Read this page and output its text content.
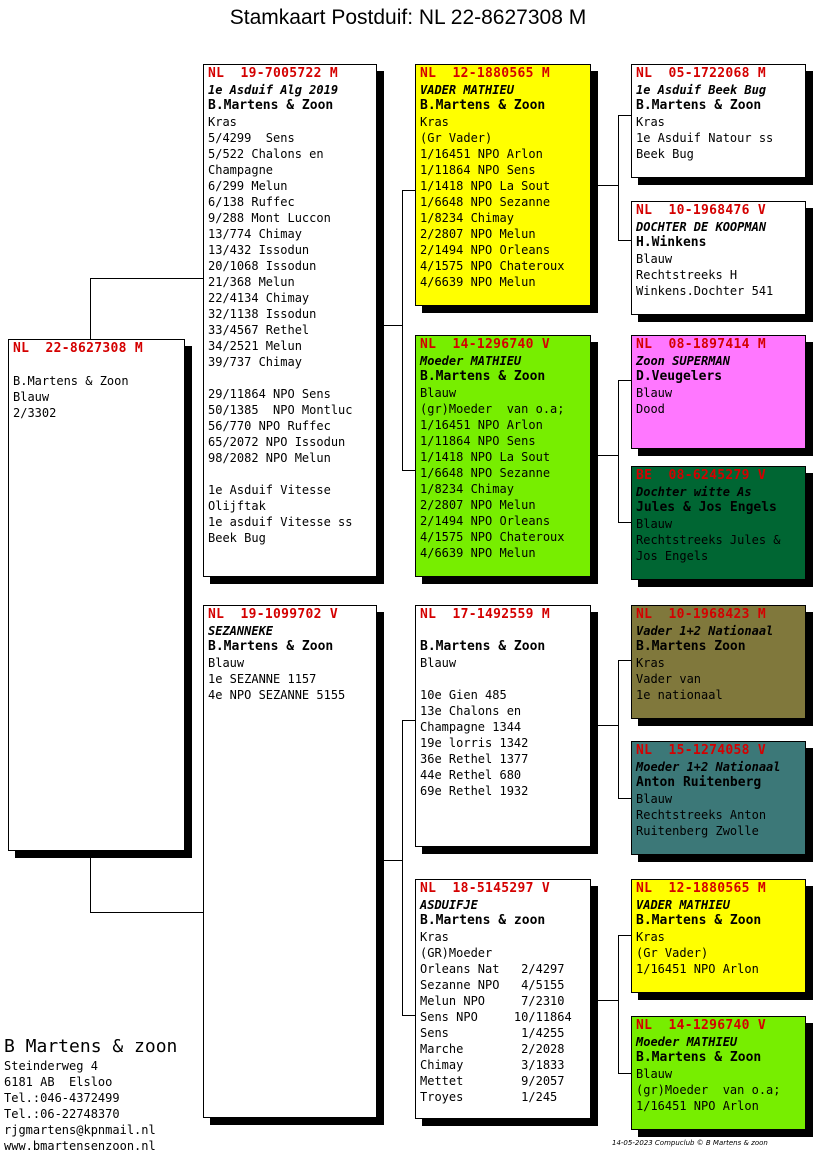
Stamkaart Postduif: NL 22-8627308 M
NL  22-8627308 M
B.Martens & Zoon
Blauw
2/3302
NL  19-7005722 M
1e Asduif Alg 2019
B.Martens & Zoon
Kras
5/4299  Sens
5/522 Chalons en
Champagne
6/299 Melun
6/138 Ruffec
9/288 Mont Luccon
13/774 Chimay
13/432 Issodun
20/1068 Issodun
21/368 Melun
22/4134 Chimay
32/1138 Issodun
33/4567 Rethel
34/2521 Melun
39/737 Chimay
29/11864 NPO Sens
50/1385  NPO Montluc
56/770 NPO Ruffec
65/2072 NPO Issodun
98/2082 NPO Melun
1e Asduif Vitesse
Olijftak
1e asduif Vitesse ss
Beek Bug
NL  19-1099702 V
SEZANNEKE
B.Martens & Zoon
Blauw
1e SEZANNE 1157
4e NPO SEZANNE 5155
NL  12-1880565 M
VADER MATHIEU
B.Martens & Zoon
Kras
(Gr Vader)
1/16451 NPO Arlon
1/11864 NPO Sens
1/1418 NPO La Sout
1/6648 NPO Sezanne
1/8234 Chimay
2/2807 NPO Melun
2/1494 NPO Orleans
4/1575 NPO Chateroux
4/6639 NPO Melun
NL  14-1296740 V
Moeder MATHIEU
B.Martens & Zoon
Blauw
(gr)Moeder  van o.a;
1/16451 NPO Arlon
1/11864 NPO Sens
1/1418 NPO La Sout
1/6648 NPO Sezanne
1/8234 Chimay
2/2807 NPO Melun
2/1494 NPO Orleans
4/1575 NPO Chateroux
4/6639 NPO Melun
NL  17-1492559 M
B.Martens & Zoon
Blauw
10e Gien 485
13e Chalons en
Champagne 1344
19e lorris 1342
36e Rethel 1377
44e Rethel 680
69e Rethel 1932
NL  18-5145297 V
ASDUIFJE
B.Martens & zoon
Kras
(GR)Moeder
Orleans Nat   2/4297
Sezanne NPO   4/5155
Melun NPO     7/2310
Sens NPO     10/11864
Sens          1/4255
Marche        2/2028
Chimay        3/1833
Mettet        9/2057
Troyes        1/245
NL  05-1722068 M
1e Asduif Beek Bug
B.Martens & Zoon
Kras
1e Asduif Natour ss
Beek Bug
NL  10-1968476 V
DOCHTER DE KOOPMAN
H.Winkens
Blauw
Rechtstreeks H
Winkens.Dochter 541
NL  08-1897414 M
Zoon SUPERMAN
D.Veugelers
Blauw
Dood
BE  08-6245279 V
Dochter witte As
Jules & Jos Engels
Blauw
Rechtstreeks Jules &
Jos Engels
NL  10-1968423 M
Vader 1+2 Nationaal
B.Martens Zoon
Kras
Vader van
1e nationaal
NL  15-1274058 V
Moeder 1+2 Nationaal
Anton Ruitenberg
Blauw
Rechtstreeks Anton
Ruitenberg Zwolle
NL  12-1880565 M
VADER MATHIEU
B.Martens & Zoon
Kras
(Gr Vader)
1/16451 NPO Arlon
NL  14-1296740 V
Moeder MATHIEU
B.Martens & Zoon
Blauw
(gr)Moeder  van o.a;
1/16451 NPO Arlon
B Martens & zoon
Steinderweg 4
6181 AB  Elsloo
Tel.:046-4372499
Tel.:06-22748370
rjgmartens@kpnmail.nl
www.bmartensenzoon.nl	14-05-2023 Compuclub © B Martens & zoon
